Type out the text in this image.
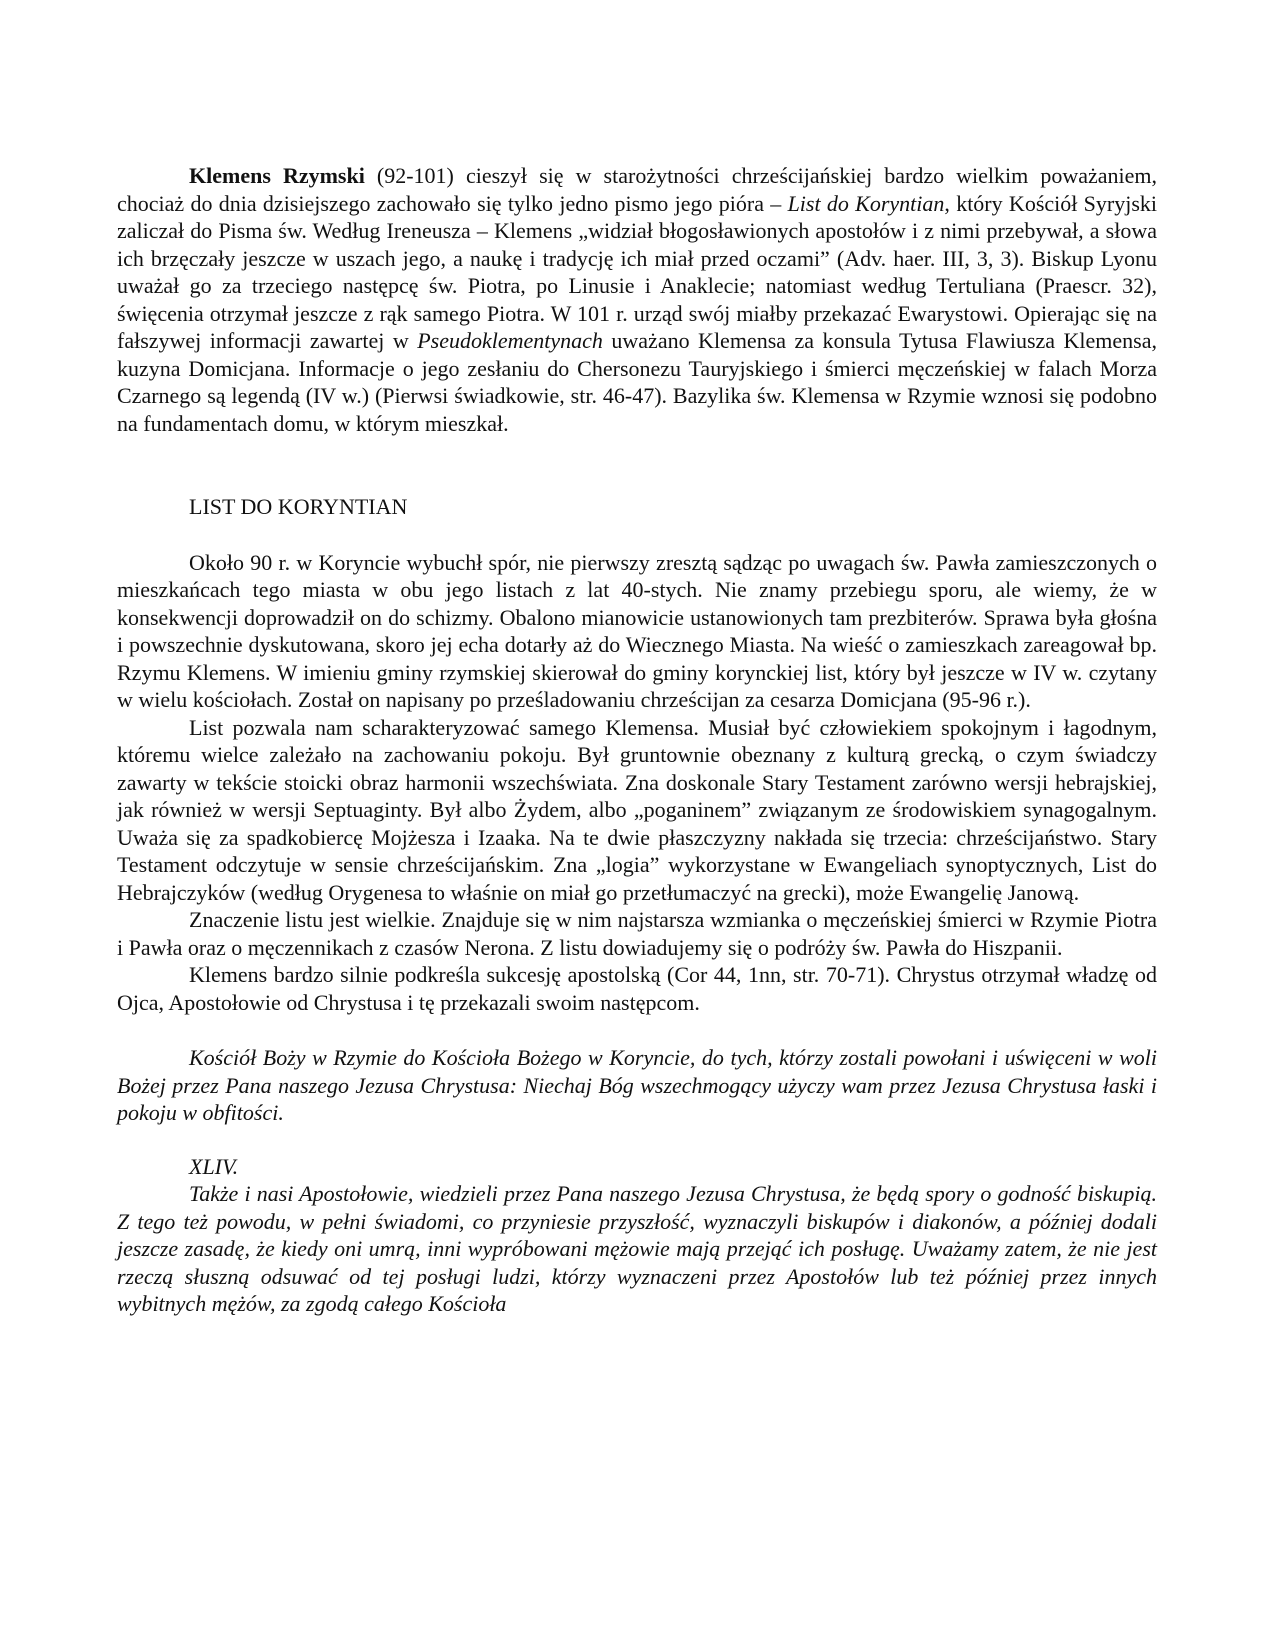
Klemens Rzymski (92-101) cieszył się w starożytności chrześcijańskiej bardzo wielkim poważaniem, chociaż do dnia dzisiejszego zachowało się tylko jedno pismo jego pióra – List do Koryntian, który Kościół Syryjski zaliczał do Pisma św. Według Ireneusza – Klemens „widział błogosławionych apostołów i z nimi przebywał, a słowa ich brzęczały jeszcze w uszach jego, a naukę i tradycję ich miał przed oczami” (Adv. haer. III, 3, 3). Biskup Lyonu uważał go za trzeciego następcę św. Piotra, po Linusie i Anaklecie; natomiast według Tertuliana (Praescr. 32), święcenia otrzymał jeszcze z rąk samego Piotra. W 101 r. urząd swój miałby przekazać Ewarystowi. Opierając się na fałszywej informacji zawartej w Pseudoklementynach uważano Klemensa za konsula Tytusa Flawiusza Klemensa, kuzyna Domicjana. Informacje o jego zesłaniu do Chersonezu Tauryjskiego i śmierci męczeńskiej w falach Morza Czarnego są legendą (IV w.) (Pierwsi świadkowie, str. 46-47). Bazylika św. Klemensa w Rzymie wznosi się podobno na fundamentach domu, w którym mieszkał.

LIST DO KORYNTIAN

Około 90 r. w Koryncie wybuchł spór, nie pierwszy zresztą sądząc po uwagach św. Pawła zamieszczonych o mieszkańcach tego miasta w obu jego listach z lat 40-stych. Nie znamy przebiegu sporu, ale wiemy, że w konsekwencji doprowadził on do schizmy. Obalono mianowicie ustanowionych tam prezbiterów. Sprawa była głośna i powszechnie dyskutowana, skoro jej echa dotarły aż do Wiecznego Miasta. Na wieść o zamieszkach zareagował bp. Rzymu Klemens. W imieniu gminy rzymskiej skierował do gminy korynckiej list, który był jeszcze w IV w. czytany w wielu kościołach. Został on napisany po prześladowaniu chrześcijan za cesarza Domicjana (95-96 r.).

List pozwala nam scharakteryzować samego Klemensa. Musiał być człowiekiem spokojnym i łagodnym, któremu wielce zależało na zachowaniu pokoju. Był gruntownie obeznany z kulturą grecką, o czym świadczy zawarty w tekście stoicki obraz harmonii wszechświata. Zna doskonale Stary Testament zarówno wersji hebrajskiej, jak również w wersji Septuaginty. Był albo Żydem, albo „poganinem” związanym ze środowiskiem synagogalnym. Uważa się za spadkobiercę Mojżesza i Izaaka. Na te dwie płaszczyzny nakłada się trzecia: chrześcijaństwo. Stary Testament odczytuje w sensie chrześcijańskim. Zna „logia” wykorzystane w Ewangeliach synoptycznych, List do Hebrajczyków (według Orygenesa to właśnie on miał go przetłumaczyć na grecki), może Ewangelię Janową.

Znaczenie listu jest wielkie. Znajduje się w nim najstarsza wzmianka o męczeńskiej śmierci w Rzymie Piotra i Pawła oraz o męczennikach z czasów Nerona. Z listu dowiadujemy się o podróży św. Pawła do Hiszpanii.

Klemens bardzo silnie podkreśla sukcesję apostolską (Cor 44, 1nn, str. 70-71). Chrystus otrzymał władzę od Ojca, Apostołowie od Chrystusa i tę przekazali swoim następcom.

Kościół Boży w Rzymie do Kościoła Bożego w Koryncie, do tych, którzy zostali powołani i uświęceni w woli Bożej przez Pana naszego Jezusa Chrystusa: Niechaj Bóg wszechmogący użyczy wam przez Jezusa Chrystusa łaski i pokoju w obfitości.

XLIV.

Także i nasi Apostołowie, wiedzieli przez Pana naszego Jezusa Chrystusa, że będą spory o godność biskupią. Z tego też powodu, w pełni świadomi, co przyniesie przyszłość, wyznaczyli biskupów i diakonów, a później dodali jeszcze zasadę, że kiedy oni umrą, inni wypróbowani mężowie mają przejąć ich posługę. Uważamy zatem, że nie jest rzeczą słuszną odsuwać od tej posługi ludzi, którzy wyznaczeni przez Apostołów lub też później przez innych wybitnych mężów, za zgodą całego Kościoła
